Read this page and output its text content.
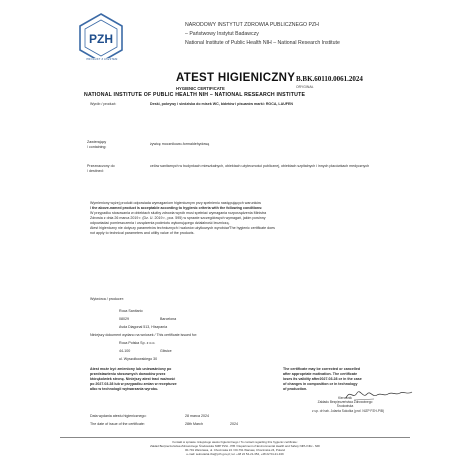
PZH
PRODUKT Z ATESTEM
NARODOWY INSTYTUT ZDROWIA PUBLICZNEGO PZH
– Państwowy Instytut Badawczy
National Institute of Public Health NIH – National Research Institute
ATEST HIGIENICZNY B.BK.60110.0061.2024
ORYGINAŁ
HYGIENIC CERTIFICATE
NATIONAL INSTITUTE OF PUBLIC HEALTH NIH – NATIONAL RESEARCH INSTITUTE
Wyrób / product:	Deski, pokrywy i siedziska do misek WC, bidetów i pisuarów marki: ROCA, LAUFEN
Zawierający
/ containing:
żywicę mocznikowo-formaldehydową
Przeznaczony do
/ destined:
celów sanitarnych w budynkach mieszkalnych, obiektach użyteczności publicznej, obiektach szpitalnych i innych placówkach medycznych
Wymieniony wyżej produkt odpowiada wymaganiom higienicznym przy spełnieniu następujących warunków
/ the above-named product is acceptable according to hygienic criteria with the following conditions:
W przypadku stosowania w obiektach służby zdrowia wyrób musi spełniać wymagania rozporządzenia Ministra
Zdrowia z dnia 26 marca 2019 r. (Dz. U. 2019 r., poz. 595) w sprawie szczegółowych wymagań, jakim powinny
odpowiadać pomieszczenia i urządzenia podmiotu wykonującego działalność leczniczą.
Atest higieniczny nie dotyczy parametrów technicznych i walorów użytkowych wyrobów/The hygienic certificate does
not apply to technical parameters and utility value of the products.
Wytwórca / producer:
Roca Sanitario
08029	Barcelona
Avda Diagonal 513, Hiszpania
Niniejszy dokument wydano na wniosek / This certificate issued for:
Roca Polska Sp. z o.o.
44-100	Gliwice
ul. Wyszołkowskiego 30
Atest może być zmieniony lub unieważniony po
przedstawieniu stosownych dowodów przez
którąkolwiek stronę. Niniejszy atest traci ważność
po 2027.03.28 lub w przypadku zmian w recepturze
albo w technologii wytwarzania wyrobu.
The certificate may be corrected or cancelled
after appropriate motivation. The certificate
loses its validity after2027.03.28 or in the case
of changes in composition or in technology
of production.
Kierownik
Zakładu Bezpieczeństwa Zdrowotnego
Środowiska
Data wydania atestu higienicznego:	28 marca 2024
The date of issue of the certificate:	28th March	2024
z up. dr hab. Jolanta Sokołka (prof. NIZP PZH-PIB)
Kontakt w sprawie niniejszego atestu higienicznego / To contact regarding this hygienic certificate:
Zakład Bezpieczeństwa Zdrowotnego Środowiska NIZP PZH - PIB / Department of Environmental Health and Safety NIPH NIH - NRI
00-791 Warszawa, ul. Chocimska 24 / 00-791 Warsaw, Chocimska 24, Poland
e-mail: sekretariat.tbs@pzh.gov.pl; tel. +48 22 54-21-354, +48 22 54-21-349
